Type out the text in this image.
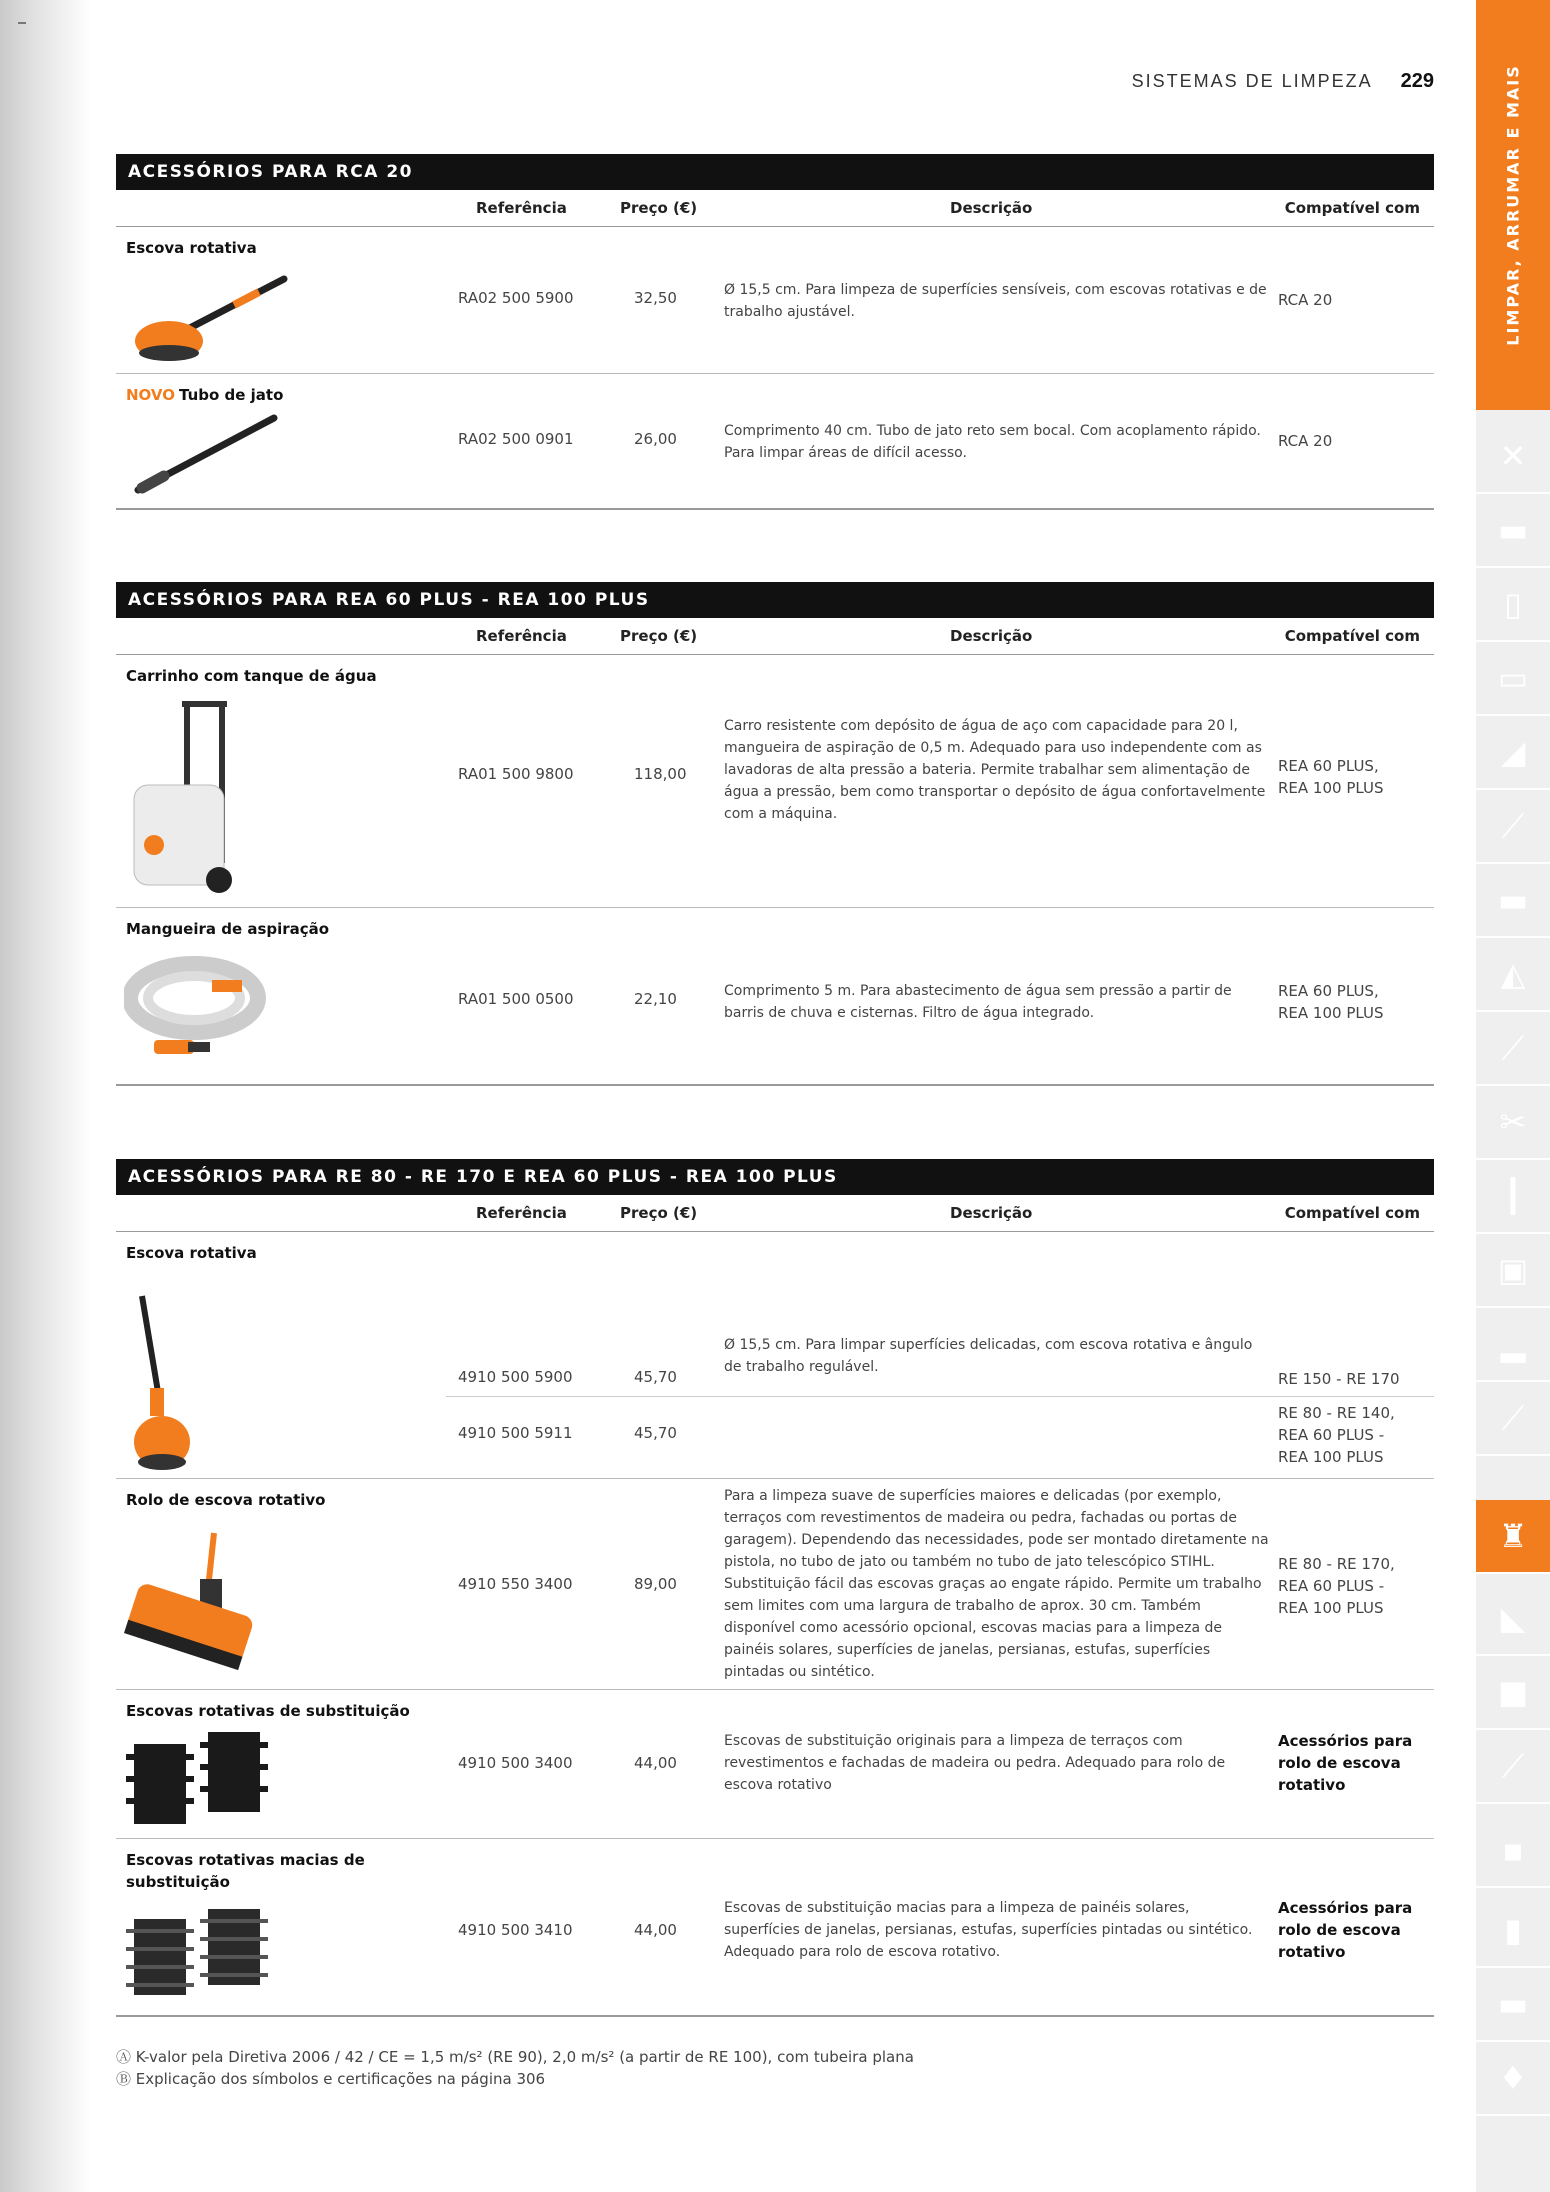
LIMPAR, ARRUMAR E MAIS
✕
▬
▯
▭
◢
⟋
▬
◭
⟋
✂
┃
▣
▂
⟋
♜
◣
■
⟋
▪
▮
▬
♦
SISTEMAS DE LIMPEZA 229
ACESSÓRIOS PARA RCA 20
Referência	Preço (€)	Descrição	Compatível com
Escova rotativa
RA02 500 5900	32,50	Ø 15,5 cm. Para limpeza de superfícies sensíveis, com escovas rotativas e de trabalho ajustável.
RCA 20
NOVO Tubo de jato
RA02 500 0901	26,00	Comprimento 40 cm. Tubo de jato reto sem bocal. Com acoplamento rápido. Para limpar áreas de difícil acesso.
RCA 20
ACESSÓRIOS PARA REA 60 PLUS - REA 100 PLUS
Referência	Preço (€)	Descrição	Compatível com
Carrinho com tanque de água
RA01 500 9800	118,00
Carro resistente com depósito de água de aço com capacidade para 20 l, mangueira de aspiração de 0,5 m. Adequado para uso independente com as lavadoras de alta pressão a bateria. Permite trabalhar sem alimentação de água a pressão, bem como transportar o depósito de água confortavelmente com a máquina.
REA 60 PLUS,
REA 100 PLUS
Mangueira de aspiração
RA01 500 0500	22,10	Comprimento 5 m. Para abastecimento de água sem pressão a partir de barris de chuva e cisternas. Filtro de água integrado.
REA 60 PLUS,
REA 100 PLUS
ACESSÓRIOS PARA RE 80 - RE 170 E REA 60 PLUS - REA 100 PLUS
Referência	Preço (€)	Descrição	Compatível com
Escova rotativa
4910 500 5900	45,70
Ø 15,5 cm. Para limpar superfícies delicadas, com escova rotativa e ângulo de trabalho regulável.
RE 150 - RE 170
4910 500 5911	45,70
RE 80 - RE 140,
REA 60 PLUS -
REA 100 PLUS
Rolo de escova rotativo
4910 550 3400	89,00
Para a limpeza suave de superfícies maiores e delicadas (por exemplo, terraços com revestimentos de madeira ou pedra, fachadas ou portas de garagem). Dependendo das necessidades, pode ser montado diretamente na pistola, no tubo de jato ou também no tubo de jato telescópico STIHL. Substituição fácil das escovas graças ao engate rápido. Permite um trabalho sem limites com uma largura de trabalho de aprox. 30 cm. Também disponível como acessório opcional, escovas macias para a limpeza de painéis solares, superfícies de janelas, persianas, estufas, superfícies pintadas ou sintético.
RE 80 - RE 170,
REA 60 PLUS -
REA 100 PLUS
Escovas rotativas de substituição
4910 500 3400	44,00
Escovas de substituição originais para a limpeza de terraços com revestimentos e fachadas de madeira ou pedra. Adequado para rolo de escova rotativo
Acessórios para
rolo de escova
rotativo
Escovas rotativas macias de
substituição
4910 500 3410	44,00
Escovas de substituição macias para a limpeza de painéis solares, superfícies de janelas, persianas, estufas, superfícies pintadas ou sintético. Adequado para rolo de escova rotativo.
Acessórios para
rolo de escova
rotativo
Ⓐ K-valor pela Diretiva 2006 / 42 / CE = 1,5 m/s² (RE 90), 2,0 m/s² (a partir de RE 100), com tubeira plana
Ⓑ Explicação dos símbolos e certificações na página 306
